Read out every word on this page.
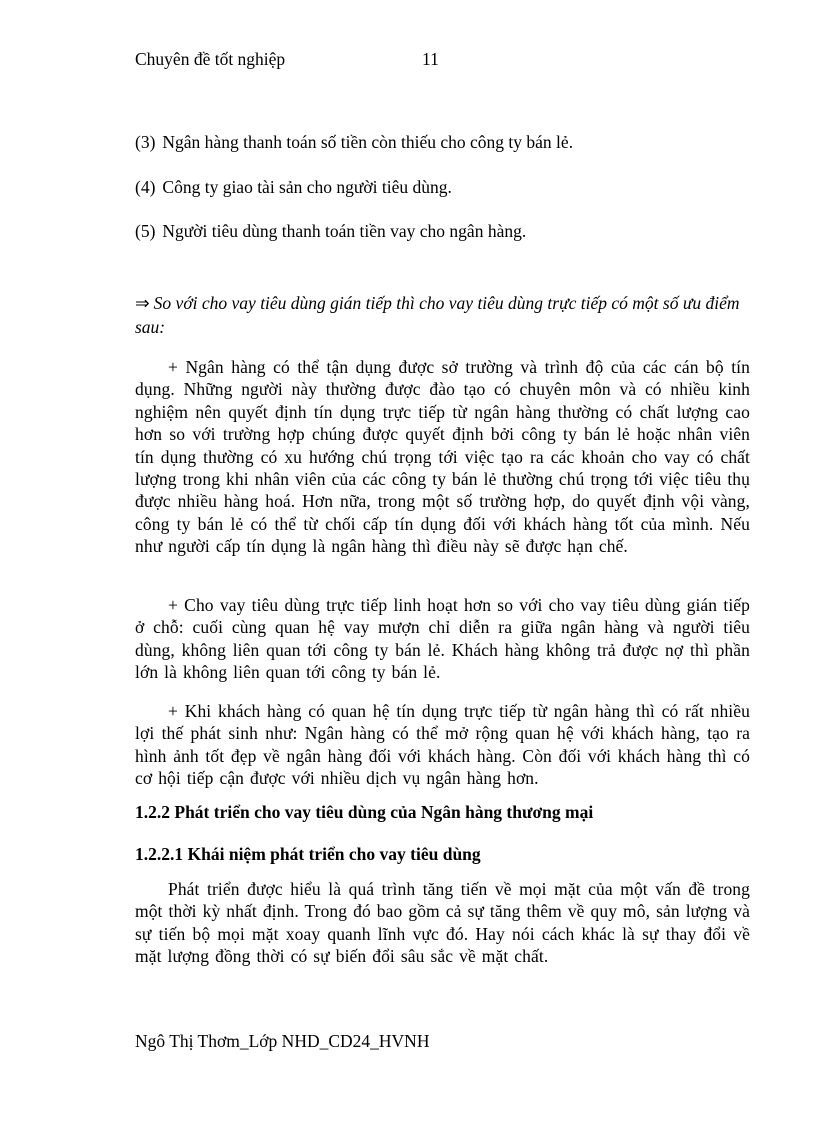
Chuyên đề tốt nghiệp	11

(3) Ngân hàng thanh toán số tiền còn thiếu cho công ty bán lẻ.

(4) Công ty giao tài sản cho người tiêu dùng.

(5) Người tiêu dùng thanh toán tiền vay cho ngân hàng.

⇒ So với cho vay tiêu dùng gián tiếp thì cho vay tiêu dùng trực tiếp có một số ưu điểm sau:

+ Ngân hàng có thể tận dụng được sở trường và trình độ của các cán bộ tín dụng. Những người này thường được đào tạo có chuyên môn và có nhiều kinh nghiệm nên quyết định tín dụng trực tiếp từ ngân hàng thường có chất lượng cao hơn so với trường hợp chúng được quyết định bởi công ty bán lẻ hoặc nhân viên tín dụng thường có xu hướng chú trọng tới việc tạo ra các khoản cho vay có chất lượng trong khi nhân viên của các công ty bán lẻ thường chú trọng tới việc tiêu thụ được nhiều hàng hoá. Hơn nữa, trong một số trường hợp, do quyết định vội vàng, công ty bán lẻ có thể từ chối cấp tín dụng đối với khách hàng tốt của mình. Nếu như người cấp tín dụng là ngân hàng thì điều này sẽ được hạn chế.

+ Cho vay tiêu dùng trực tiếp linh hoạt hơn so với cho vay tiêu dùng gián tiếp ở chỗ: cuối cùng quan hệ vay mượn chỉ diễn ra giữa ngân hàng và người tiêu dùng, không liên quan tới công ty bán lẻ. Khách hàng không trả được nợ thì phần lớn là không liên quan tới công ty bán lẻ.

+ Khi khách hàng có quan hệ tín dụng trực tiếp từ ngân hàng thì có rất nhiều lợi thế phát sinh như: Ngân hàng có thể mở rộng quan hệ với khách hàng, tạo ra hình ảnh tốt đẹp về ngân hàng đối với khách hàng. Còn đối với khách hàng thì có cơ hội tiếp cận được với nhiều dịch vụ ngân hàng hơn.

1.2.2 Phát triển cho vay tiêu dùng của Ngân hàng thương mại
1.2.2.1 Khái niệm phát triển cho vay tiêu dùng

Phát triển được hiểu là quá trình tăng tiến về mọi mặt của một vấn đề trong một thời kỳ nhất định. Trong đó bao gồm cả sự tăng thêm về quy mô, sản lượng và sự tiến bộ mọi mặt xoay quanh lĩnh vực đó. Hay nói cách khác là sự thay đổi về mặt lượng đồng thời có sự biến đổi sâu sắc về mặt chất.

Ngô Thị Thơm_Lớp NHD_CD24_HVNH
